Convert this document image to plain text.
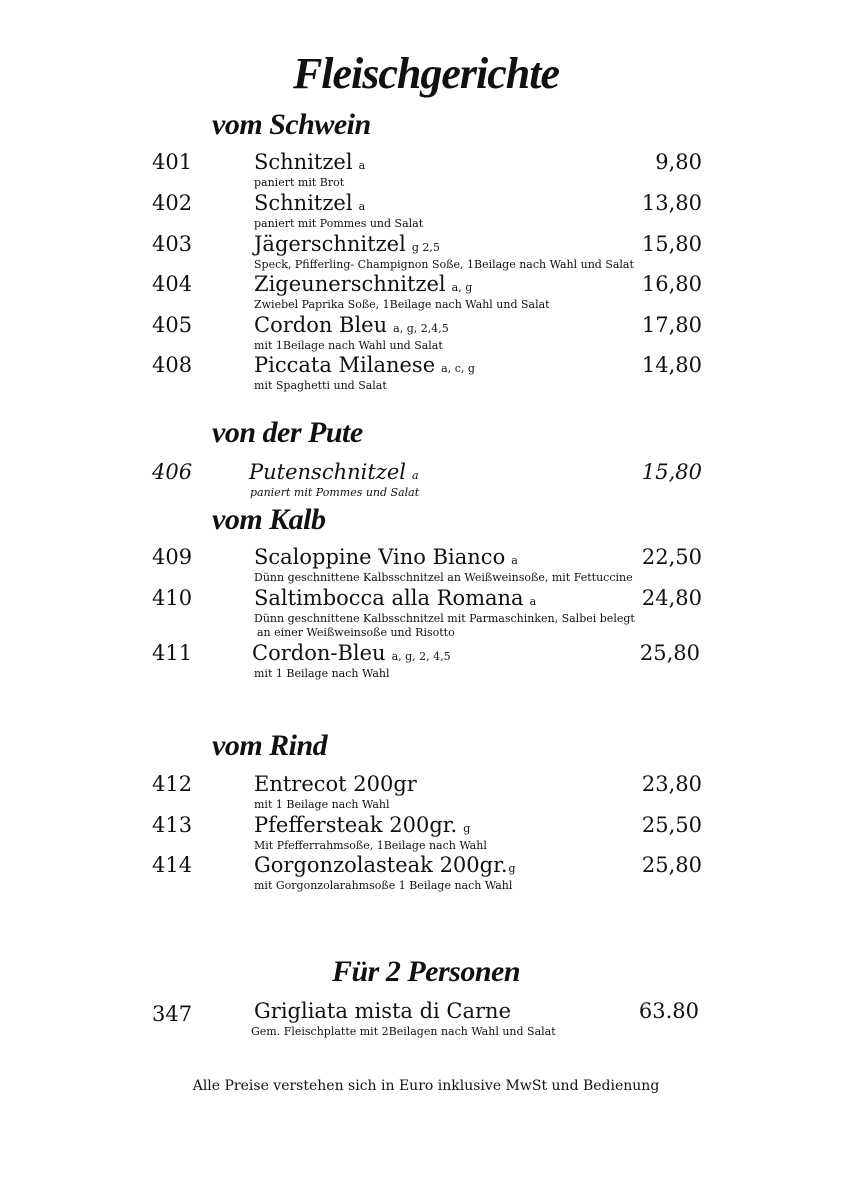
Fleischgerichte
vom Schwein
401	Schnitzel a	9,80
paniert mit Brot
402	Schnitzel a	13,80
paniert mit Pommes und Salat
403	Jägerschnitzel g 2,5	15,80
Speck, Pfifferling- Champignon Soße, 1Beilage nach Wahl und Salat
404	Zigeunerschnitzel a, g	16,80
Zwiebel Paprika Soße, 1Beilage nach Wahl und Salat
405	Cordon Bleu a, g, 2,4,5	17,80
mit 1Beilage nach Wahl und Salat
408	Piccata Milanese a, c, g	14,80
mit Spaghetti und Salat
von der Pute
406	Putenschnitzel a	15,80
paniert mit Pommes und Salat
vom Kalb
409	Scaloppine Vino Bianco a	22,50
Dünn geschnittene Kalbsschnitzel an Weißweinsoße, mit Fettuccine
410	Saltimbocca alla Romana a	24,80
Dünn geschnittene Kalbsschnitzel mit Parmaschinken, Salbei belegt
an einer Weißweinsoße und Risotto
411	Cordon-Bleu a, g, 2, 4,5	25,80
mit 1 Beilage nach Wahl
vom Rind
412	Entrecot 200gr	23,80
mit 1 Beilage nach Wahl
413	Pfeffersteak 200gr. g	25,50
Mit Pfefferrahmsoße, 1Beilage nach Wahl
414	Gorgonzolasteak 200gr.g	25,80
mit Gorgonzolarahmsoße 1 Beilage nach Wahl
Für 2 Personen
347	Grigliata mista di Carne	63.80
Gem. Fleischplatte mit 2Beilagen nach Wahl und Salat
Alle Preise verstehen sich in Euro inklusive MwSt und Bedienung
